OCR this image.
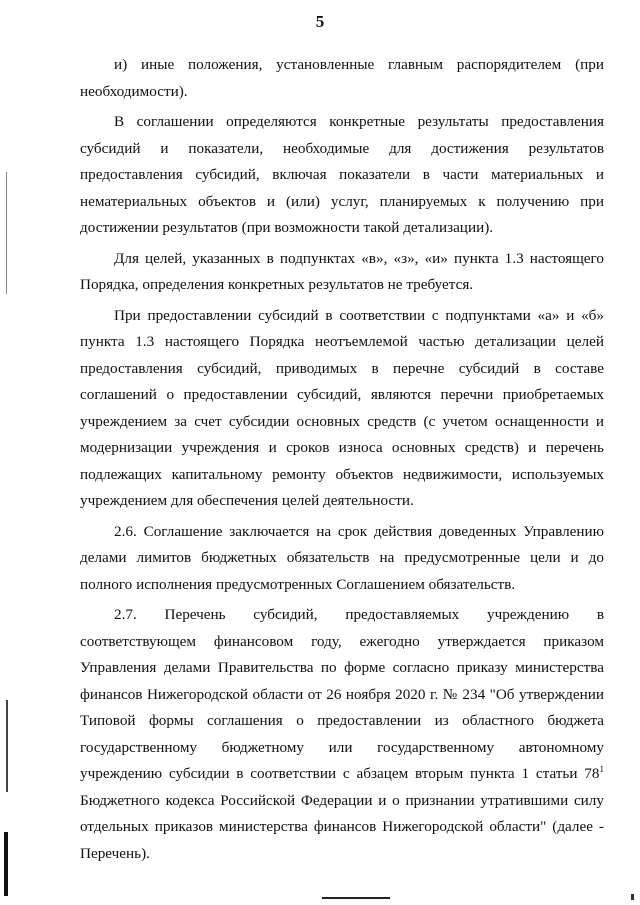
5

и) иные положения, установленные главным распорядителем (при необходимости).

В соглашении определяются конкретные результаты предоставления субсидий и показатели, необходимые для достижения результатов предоставления субсидий, включая показатели в части материальных и нематериальных объектов и (или) услуг, планируемых к получению при достижении результатов (при возможности такой детализации).

Для целей, указанных в подпунктах «в», «з», «и» пункта 1.3 настоящего Порядка, определения конкретных результатов не требуется.

При предоставлении субсидий в соответствии с подпунктами «а» и «б» пункта 1.3 настоящего Порядка неотъемлемой частью детализации целей предоставления субсидий, приводимых в перечне субсидий в составе соглашений о предоставлении субсидий, являются перечни приобретаемых учреждением за счет субсидии основных средств (с учетом оснащенности и модернизации учреждения и сроков износа основных средств) и перечень подлежащих капитальному ремонту объектов недвижимости, используемых учреждением для обеспечения целей деятельности.

2.6. Соглашение заключается на срок действия доведенных Управлению делами лимитов бюджетных обязательств на предусмотренные цели и до полного исполнения предусмотренных Соглашением обязательств.

2.7. Перечень субсидий, предоставляемых учреждению в соответствующем финансовом году, ежегодно утверждается приказом Управления делами Правительства по форме согласно приказу министерства финансов Нижегородской области от 26 ноября 2020 г. № 234 "Об утверждении Типовой формы соглашения о предоставлении из областного бюджета государственному бюджетному или государственному автономному учреждению субсидии в соответствии с абзацем вторым пункта 1 статьи $78^1$ Бюджетного кодекса Российской Федерации и о признании утратившими силу отдельных приказов министерства финансов Нижегородской области" (далее - Перечень).
